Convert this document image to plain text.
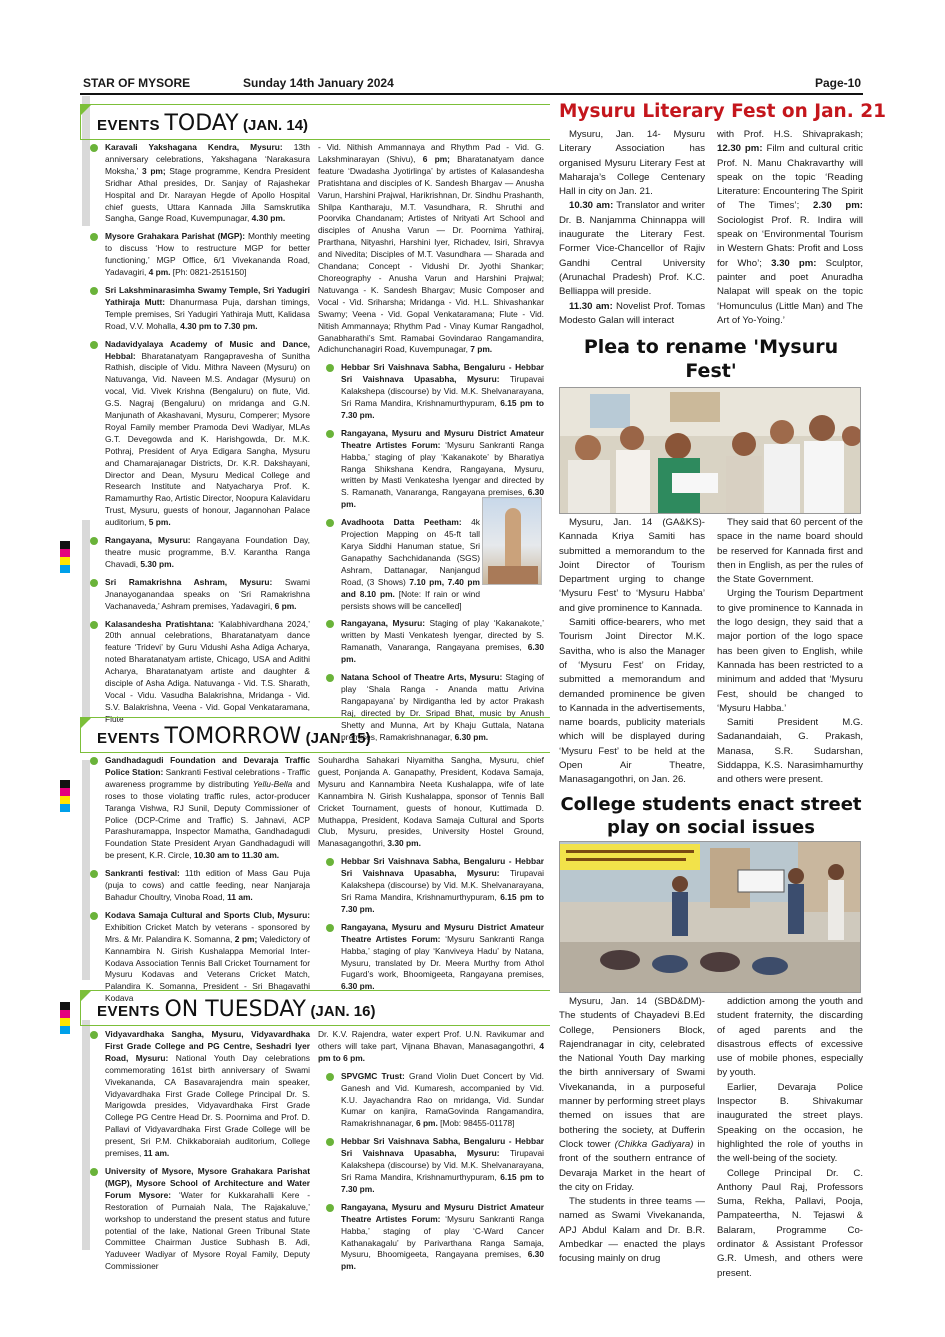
STAR OF MYSORE	Sunday 14th January 2024	Page-10
EVENTS TODAY (JAN. 14)
Karavali Yakshagana Kendra, Mysuru: 13th anniversary celebrations, Yakshagana ‘Narakasura Moksha,’ 3 pm; Stage programme, Kendra President Sridhar Athal presides, Dr. Sanjay of Rajashekar Hospital and Dr. Narayan Hegde of Apollo Hospital chief guests, Uttara Kannada Jilla Samskrutika Sangha, Gange Road, Kuvempunagar, 4.30 pm.
Mysore Grahakara Parishat (MGP): Monthly meeting to discuss ‘How to restructure MGP for better functioning,’ MGP Office, 6/1 Vivekananda Road, Yadavagiri, 4 pm. [Ph: 0821-2515150]
Sri Lakshminarasimha Swamy Temple, Sri Yadugiri Yathiraja Mutt: Dhanurmasa Puja, darshan timings, Temple premises, Sri Yadugiri Yathiraja Mutt, Kalidasa Road, V.V. Mohalla, 4.30 pm to 7.30 pm.
Nadavidyalaya Academy of Music and Dance, Hebbal: Bharatanatyam Rangapravesha of Sunitha Rathish, disciple of Vidu. Mithra Naveen (Mysuru) on Natuvanga, Vid. Naveen M.S. Andagar (Mysuru) on vocal, Vid. Vivek Krishna (Bengaluru) on flute, Vid. G.S. Nagraj (Bengaluru) on mridanga and G.N. Manjunath of Akashavani, Mysuru, Comperer; Mysore Royal Family member Pramoda Devi Wadiyar, MLAs G.T. Devegowda and K. Harishgowda, Dr. M.K. Pothraj, President of Arya Edigara Sangha, Mysuru and Chamarajanagar Districts, Dr. K.R. Dakshayani, Director and Dean, Mysuru Medical College and Research Institute and Natyacharya Prof. K. Ramamurthy Rao, Artistic Director, Noopura Kalavidaru Trust, Mysuru, guests of honour, Jagannohan Palace auditorium, 5 pm.
Rangayana, Mysuru: Rangayana Foundation Day, theatre music programme, B.V. Karantha Ranga Chavadi, 5.30 pm.
Sri Ramakrishna Ashram, Mysuru: Swami Jnanayoganandaa speaks on ‘Sri Ramakrishna Vachanaveda,’ Ashram premises, Yadavagiri, 6 pm.
Kalasandesha Pratishtana: ‘Kalabhivardhana 2024,’ 20th annual celebrations, Bharatanatyam dance feature ‘Tridevi’ by Guru Vidushi Asha Adiga Acharya, noted Bharatanatyam artiste, Chicago, USA and Adithi Acharya, Bharatanatyam artiste and daughter & disciple of Asha Adiga. Natuvanga - Vid. T.S. Sharath, Vocal - Vidu. Vasudha Balakrishna, Mridanga - Vid. S.V. Balakrishna, Veena - Vid. Gopal Venkataramana, Flute
- Vid. Nithish Ammannaya and Rhythm Pad - Vid. G. Lakshminarayan (Shivu), 6 pm; Bharatanatyam dance feature ‘Dwadasha Jyotirlinga’ by artistes of Kalasandesha Pratishtana and disciples of K. Sandesh Bhargav — Anusha Varun, Harshini Prajwal, Harikrishnan, Dr. Sindhu Prashanth, Shilpa Kantharaju, M.T. Vasundhara, R. Shruthi and Poorvika Chandanam; Artistes of Nrityati Art School and disciples of Anusha Varun — Dr. Poornima Yathiraj, Prarthana, Nityashri, Harshini Iyer, Richadev, Isiri, Shravya and Nivedita; Disciples of M.T. Vasundhara — Sharada and Chandana; Concept - Vidushi Dr. Jyothi Shankar; Choreography - Anusha Varun and Harshini Prajwal; Natuvanga - K. Sandesh Bhargav; Music Composer and Vocal - Vid. Sriharsha; Mridanga - Vid. H.L. Shivashankar Swamy; Veena - Vid. Gopal Venkataramana; Flute - Vid. Nitish Ammannaya; Rhythm Pad - Vinay Kumar Rangadhol, Ganabharathi’s Smt. Ramabai Govindarao Rangamandira, Adichunchanagiri Road, Kuvempunagar, 7 pm.
Hebbar Sri Vaishnava Sabha, Bengaluru - Hebbar Sri Vaishnava Upasabha, Mysuru: Tirupavai Kalakshepa (discourse) by Vid. M.K. Shelvanarayana, Sri Rama Mandira, Krishnamurthypuram, 6.15 pm to 7.30 pm.
Rangayana, Mysuru and Mysuru District Amateur Theatre Artistes Forum: ‘Mysuru Sankranti Ranga Habba,’ staging of play ‘Kakanakote’ by Bharatiya Ranga Shikshana Kendra, Rangayana, Mysuru, written by Masti Venkatesha Iyengar and directed by S. Ramanath, Vanaranga, Rangayana premises, 6.30 pm.
Avadhoota Datta Peetham: 4k Projection Mapping on 45-ft tall Karya Siddhi Hanuman statue, Sri Ganapathy Sachchidananda (SGS) Ashram, Dattanagar, Nanjangud Road, (3 Shows) 7.10 pm, 7.40 pm and 8.10 pm. [Note: If rain or wind persists shows will be cancelled]
Rangayana, Mysuru: Staging of play ‘Kakanakote,’ written by Masti Venkatesh Iyengar, directed by S. Ramanath, Vanaranga, Rangayana premises, 6.30 pm.
Natana School of Theatre Arts, Mysuru: Staging of play ‘Shala Ranga - Ananda mattu Arivina Rangapayana’ by Nirdigantha led by actor Prakash Raj, directed by Dr. Sripad Bhat, music by Anush Shetty and Munna, Art by Khaju Guttala, Natana premises, Ramakrishnanagar, 6.30 pm.
EVENTS TOMORROW (JAN. 15)
Gandhadagudi Foundation and Devaraja Traffic Police Station: Sankranti Festival celebrations - Traffic awareness programme by distributing Yellu-Bella and roses to those violating traffic rules, actor-producer Taranga Vishwa, RJ Sunil, Deputy Commissioner of Police (DCP-Crime and Traffic) S. Jahnavi, ACP Parashuramappa, Inspector Mamatha, Gandhadagudi Foundation State President Aryan Gandhadagudi will be present, K.R. Circle, 10.30 am to 11.30 am.
Sankranti festival: 11th edition of Mass Gau Puja (puja to cows) and cattle feeding, near Nanjaraja Bahadur Choultry, Vinoba Road, 11 am.
Kodava Samaja Cultural and Sports Club, Mysuru: Exhibition Cricket Match by veterans - sponsored by Mrs. & Mr. Palandira K. Somanna, 2 pm; Valedictory of Kannambira N. Girish Kushalappa Memorial Inter-Kodava Association Tennis Ball Cricket Tournament for Mysuru Kodavas and Veterans Cricket Match, Palandira K. Somanna, President - Sri Bhagavathi Kodava
Souhardha Sahakari Niyamitha Sangha, Mysuru, chief guest, Ponjanda A. Ganapathy, President, Kodava Samaja, Mysuru and Kannambira Neeta Kushalappa, wife of late Kannambira N. Girish Kushalappa, sponsor of Tennis Ball Cricket Tournament, guests of honour, Kuttimada D. Muthappa, President, Kodava Samaja Cultural and Sports Club, Mysuru, presides, University Hostel Ground, Manasagangothri, 3.30 pm.
Hebbar Sri Vaishnava Sabha, Bengaluru - Hebbar Sri Vaishnava Upasabha, Mysuru: Tirupavai Kalakshepa (discourse) by Vid. M.K. Shelvanarayana, Sri Rama Mandira, Krishnamurthypuram, 6.15 pm to 7.30 pm.
Rangayana, Mysuru and Mysuru District Amateur Theatre Artistes Forum: ‘Mysuru Sankranti Ranga Habba,’ staging of play ‘Kanviveya Hadu’ by Natana, Mysuru, translated by Dr. Meera Murthy from Athol Fugard’s work, Bhoomigeeta, Rangayana premises, 6.30 pm.
EVENTS ON TUESDAY (JAN. 16)
Vidyavardhaka Sangha, Mysuru, Vidyavardhaka First Grade College and PG Centre, Seshadri Iyer Road, Mysuru: National Youth Day celebrations commemorating 161st birth anniversary of Swami Vivekananda, CA Basavarajendra main speaker, Vidyavardhaka First Grade College Principal Dr. S. Marigowda presides, Vidyavardhaka First Grade College PG Centre Head Dr. S. Poornima and Prof. D. Pallavi of Vidyavardhaka First Grade College will be present, Sri P.M. Chikkaboraiah auditorium, College premises, 11 am.
University of Mysore, Mysore Grahakara Parishat (MGP), Mysore School of Architecture and Water Forum Mysore: ‘Water for Kukkarahalli Kere - Restoration of Purnaiah Nala, The Rajakaluve,’ workshop to understand the present status and future potential of the lake, National Green Tribunal State Committee Chairman Justice Subhash B. Adi, Yaduveer Wadiyar of Mysore Royal Family, Deputy Commissioner
Dr. K.V. Rajendra, water expert Prof. U.N. Ravikumar and others will take part, Vijnana Bhavan, Manasagangothri, 4 pm to 6 pm.
SPVGMC Trust: Grand Violin Duet Concert by Vid. Ganesh and Vid. Kumaresh, accompanied by Vid. K.U. Jayachandra Rao on mridanga, Vid. Sundar Kumar on kanjira, RamaGovinda Rangamandira, Ramakrishnanagar, 6 pm. [Mob: 98455-01178]
Hebbar Sri Vaishnava Sabha, Bengaluru - Hebbar Sri Vaishnava Upasabha, Mysuru: Tirupavai Kalakshepa (discourse) by Vid. M.K. Shelvanarayana, Sri Rama Mandira, Krishnamurthypuram, 6.15 pm to 7.30 pm.
Rangayana, Mysuru and Mysuru District Amateur Theatre Artistes Forum: ‘Mysuru Sankranti Ranga Habba,’ staging of play ‘C-Ward Cancer Kathanakagalu’ by Parivarthana Ranga Samaja, Mysuru, Bhoomigeeta, Rangayana premises, 6.30 pm.
Mysuru Literary Fest on Jan. 21

Mysuru, Jan. 14- Mysuru Literary Association has organised Mysuru Literary Fest at Maharaja’s College Centenary Hall in city on Jan. 21.

10.30 am: Translator and writer Dr. B. Nanjamma Chinnappa will inaugurate the Literary Fest. Former Vice-Chancellor of Rajiv Gandhi Central University (Arunachal Pradesh) Prof. K.C. Belliappa will preside.

11.30 am: Novelist Prof. Tomas Modesto Galan will interact

with Prof. H.S. Shivaprakash; 12.30 pm: Film and cultural critic Prof. N. Manu Chakravarthy will speak on the topic ‘Reading Literature: Encountering The Spirit of The Times’; 2.30 pm: Sociologist Prof. R. Indira will speak on ‘Environmental Tourism in Western Ghats: Profit and Loss for Who’; 3.30 pm: Sculptor, painter and poet Anuradha Nalapat will speak on the topic ‘Homunculus (Little Man) and The Art of Yo-Yoing.’

Plea to rename 'Mysuru Fest'

Mysuru, Jan. 14 (GA&KS)- Kannada Kriya Samiti has submitted a memorandum to the Joint Director of Tourism Department urging to change ‘Mysuru Fest’ to ‘Mysuru Habba’ and give prominence to Kannada.

Samiti office-bearers, who met Tourism Joint Director M.K. Savitha, who is also the Manager of ‘Mysuru Fest’ on Friday, submitted a memorandum and demanded prominence be given to Kannada in the advertisements, name boards, publicity materials which will be displayed during ‘Mysuru Fest’ to be held at the Open Air Theatre, Manasagangothri, on Jan. 26.

They said that 60 percent of the space in the name board should be reserved for Kannada first and then in English, as per the rules of the State Government.

Urging the Tourism Department to give prominence to Kannada in the logo design, they said that a major portion of the logo space has been given to English, while Kannada has been restricted to a minimum and added that ‘Mysuru Fest, should be changed to ‘Mysuru Habba.’

Samiti President M.G. Sadanandaiah, G. Prakash, Manasa, S.R. Sudarshan, Siddappa, K.S. Narasimhamurthy and others were present.

College students enact street
play on social issues

Mysuru, Jan. 14 (SBD&DM)- The students of Chayadevi B.Ed College, Pensioners Block, Rajendranagar in city, celebrated the National Youth Day marking the birth anniversary of Swami Vivekananda, in a purposeful manner by performing street plays themed on issues that are bothering the society, at Dufferin Clock tower (Chikka Gadiyara) in front of the southern entrance of Devaraja Market in the heart of the city on Friday.

The students in three teams — named as Swami Vivekananda, APJ Abdul Kalam and Dr. B.R. Ambedkar — enacted the plays focusing mainly on drug

addiction among the youth and student fraternity, the discarding of aged parents and the disastrous effects of excessive use of mobile phones, especially by youth.

Earlier, Devaraja Police Inspector B. Shivakumar inaugurated the street plays. Speaking on the occasion, he highlighted the role of youths in the well-being of the society.

College Principal Dr. C. Anthony Paul Raj, Professors Suma, Rekha, Pallavi, Pooja, Pampateertha, N. Tejaswi & Balaram, Programme Co-ordinator & Assistant Professor G.R. Umesh, and others were present.
